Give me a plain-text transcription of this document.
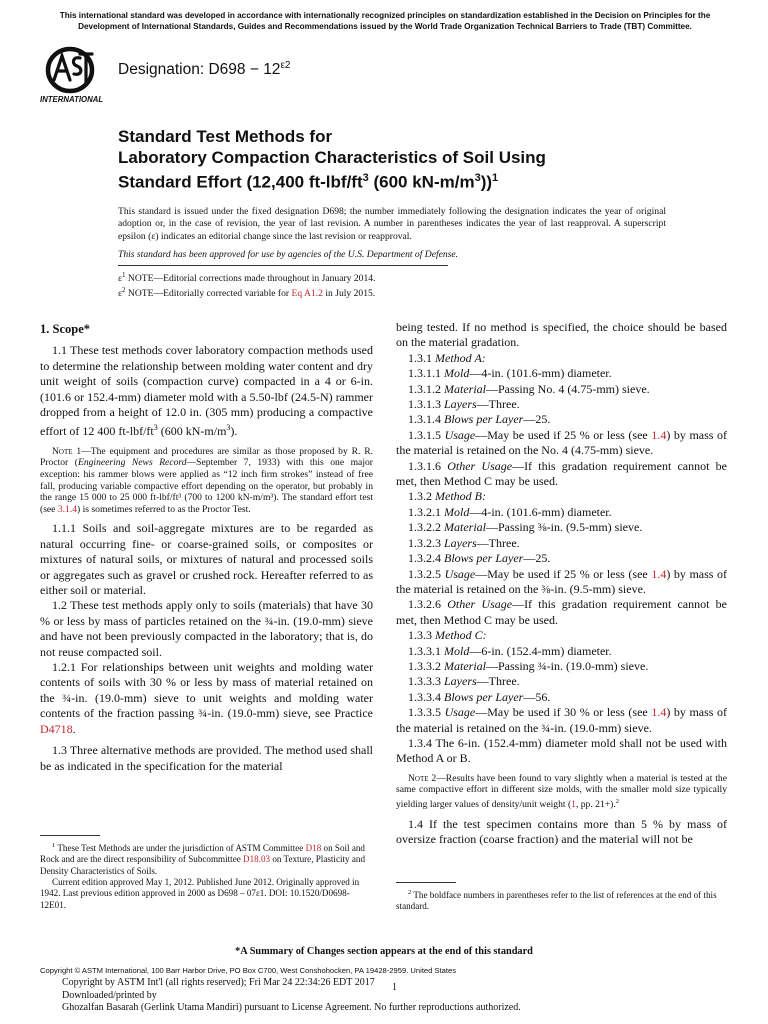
This international standard was developed in accordance with internationally recognized principles on standardization established in the Decision on Principles for the Development of International Standards, Guides and Recommendations issued by the World Trade Organization Technical Barriers to Trade (TBT) Committee.
INTERNATIONAL
Designation: $D698 - 12^{\varepsilon 2}$
Standard Test Methods for
Laboratory Compaction Characteristics of Soil Using
Standard Effort (12,400 $ft-lbf/ft^3$ (600 $kN-m/m^3))^1$
This standard is issued under the fixed designation D698; the number immediately following the designation indicates the year of original adoption or, in the case of revision, the year of last revision. A number in parentheses indicates the year of last reapproval. A superscript epsilon (ε) indicates an editorial change since the last revision or reapproval.
This standard has been approved for use by agencies of the U.S. Department of Defense.
$\varepsilon^1$ NOTE—Editorial corrections made throughout in January 2014.
$\varepsilon^2$ NOTE—Editorially corrected variable for Eq A1.2 in July 2015.
1. Scope*

1.1 These test methods cover laboratory compaction methods used to determine the relationship between molding water content and dry unit weight of soils (compaction curve) compacted in a 4 or 6-in. (101.6 or 152.4-mm) diameter mold with a 5.50-lbf (24.5-N) rammer dropped from a height of 12.0 in. (305 mm) producing a compactive effort of 12 400 $ft-lbf/ft^3$ (600 $kN-m/m^3$).

Note 1—The equipment and procedures are similar as those proposed by R. R. Proctor (Engineering News Record—September 7, 1933) with this one major exception: his rammer blows were applied as “12 inch firm strokes” instead of free fall, producing variable compactive effort depending on the operator, but probably in the range 15 000 to 25 000 ft-lbf/ft³ (700 to 1200 kN-m/m³). The standard effort test (see 3.1.4) is sometimes referred to as the Proctor Test.

1.1.1 Soils and soil-aggregate mixtures are to be regarded as natural occurring fine- or coarse-grained soils, or composites or mixtures of natural soils, or mixtures of natural and processed soils or aggregates such as gravel or crushed rock. Hereafter referred to as either soil or material.

1.2 These test methods apply only to soils (materials) that have 30 % or less by mass of particles retained on the ¾-in. (19.0-mm) sieve and have not been previously compacted in the laboratory; that is, do not reuse compacted soil.

1.2.1 For relationships between unit weights and molding water contents of soils with 30 % or less by mass of material retained on the ¾-in. (19.0-mm) sieve to unit weights and molding water contents of the fraction passing ¾-in. (19.0-mm) sieve, see Practice D4718.

1.3 Three alternative methods are provided. The method used shall be as indicated in the specification for the material

being tested. If no method is specified, the choice should be based on the material gradation.

1.3.1 Method A:

1.3.1.1 Mold—4-in. (101.6-mm) diameter.

1.3.1.2 Material—Passing No. 4 (4.75-mm) sieve.

1.3.1.3 Layers—Three.

1.3.1.4 Blows per Layer—25.

1.3.1.5 Usage—May be used if 25 % or less (see 1.4) by mass of the material is retained on the No. 4 (4.75-mm) sieve.

1.3.1.6 Other Usage—If this gradation requirement cannot be met, then Method C may be used.

1.3.2 Method B:

1.3.2.1 Mold—4-in. (101.6-mm) diameter.

1.3.2.2 Material—Passing ⅜-in. (9.5-mm) sieve.

1.3.2.3 Layers—Three.

1.3.2.4 Blows per Layer—25.

1.3.2.5 Usage—May be used if 25 % or less (see 1.4) by mass of the material is retained on the ⅜-in. (9.5-mm) sieve.

1.3.2.6 Other Usage—If this gradation requirement cannot be met, then Method C may be used.

1.3.3 Method C:

1.3.3.1 Mold—6-in. (152.4-mm) diameter.

1.3.3.2 Material—Passing ¾-in. (19.0-mm) sieve.

1.3.3.3 Layers—Three.

1.3.3.4 Blows per Layer—56.

1.3.3.5 Usage—May be used if 30 % or less (see 1.4) by mass of the material is retained on the ¾-in. (19.0-mm) sieve.

1.3.4 The 6-in. (152.4-mm) diameter mold shall not be used with Method A or B.

Note 2—Results have been found to vary slightly when a material is tested at the same compactive effort in different size molds, with the smaller mold size typically yielding larger values of density/unit weight (1, pp. 21+).$^2$

1.4 If the test specimen contains more than 5 % by mass of oversize fraction (coarse fraction) and the material will not be

$^1$ These Test Methods are under the jurisdiction of ASTM Committee D18 on Soil and Rock and are the direct responsibility of Subcommittee D18.03 on Texture, Plasticity and Density Characteristics of Soils.
Current edition approved May 1, 2012. Published June 2012. Originally approved in 1942. Last previous edition approved in 2000 as D698 – 07ε1. DOI: 10.1520/D0698-12E01.
$^2$ The boldface numbers in parentheses refer to the list of references at the end of this standard.
*A Summary of Changes section appears at the end of this standard
Copyright © ASTM International, 100 Barr Harbor Drive, PO Box C700, West Conshohocken, PA 19428-2959. United States
Copyright by ASTM Int'l (all rights reserved); Fri Mar 24 22:34:26 EDT 2017
Downloaded/printed by
Ghozalfan Basarah (Gerlink Utama Mandiri) pursuant to License Agreement. No further reproductions authorized.
1
